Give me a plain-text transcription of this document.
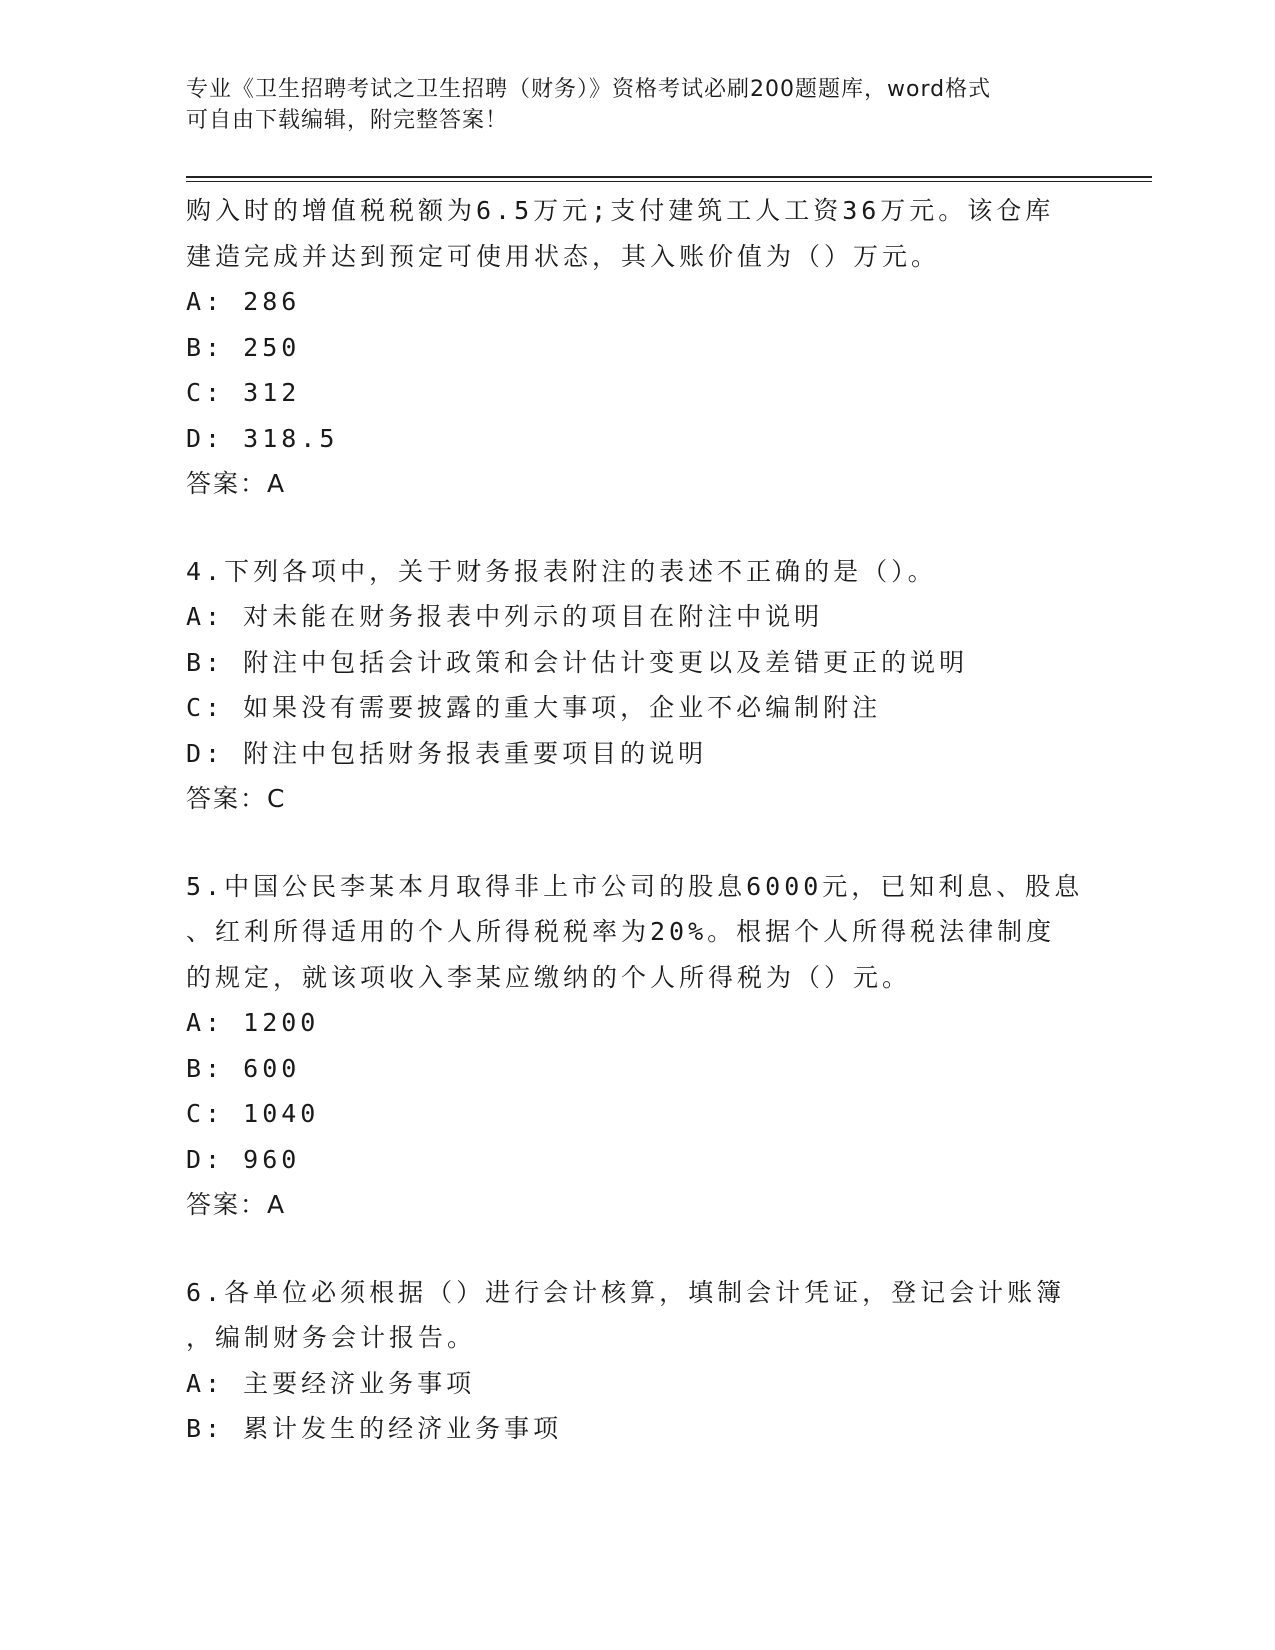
专业《卫生招聘考试之卫生招聘（财务）》资格考试必刷200题题库，word格式
可自由下载编辑，附完整答案！
购入时的增值税税额为6.5万元;支付建筑工人工资36万元。该仓库
建造完成并达到预定可使用状态，其入账价值为（）万元。
A: 286
B: 250
C: 312
D: 318.5
答案：A
4.下列各项中，关于财务报表附注的表述不正确的是（）。
A: 对未能在财务报表中列示的项目在附注中说明
B: 附注中包括会计政策和会计估计变更以及差错更正的说明
C: 如果没有需要披露的重大事项，企业不必编制附注
D: 附注中包括财务报表重要项目的说明
答案：C
5.中国公民李某本月取得非上市公司的股息6000元，已知利息、股息
、红利所得适用的个人所得税税率为20%。根据个人所得税法律制度
的规定，就该项收入李某应缴纳的个人所得税为（）元。
A: 1200
B: 600
C: 1040
D: 960
答案：A
6.各单位必须根据（）进行会计核算，填制会计凭证，登记会计账簿
，编制财务会计报告。
A: 主要经济业务事项
B: 累计发生的经济业务事项
